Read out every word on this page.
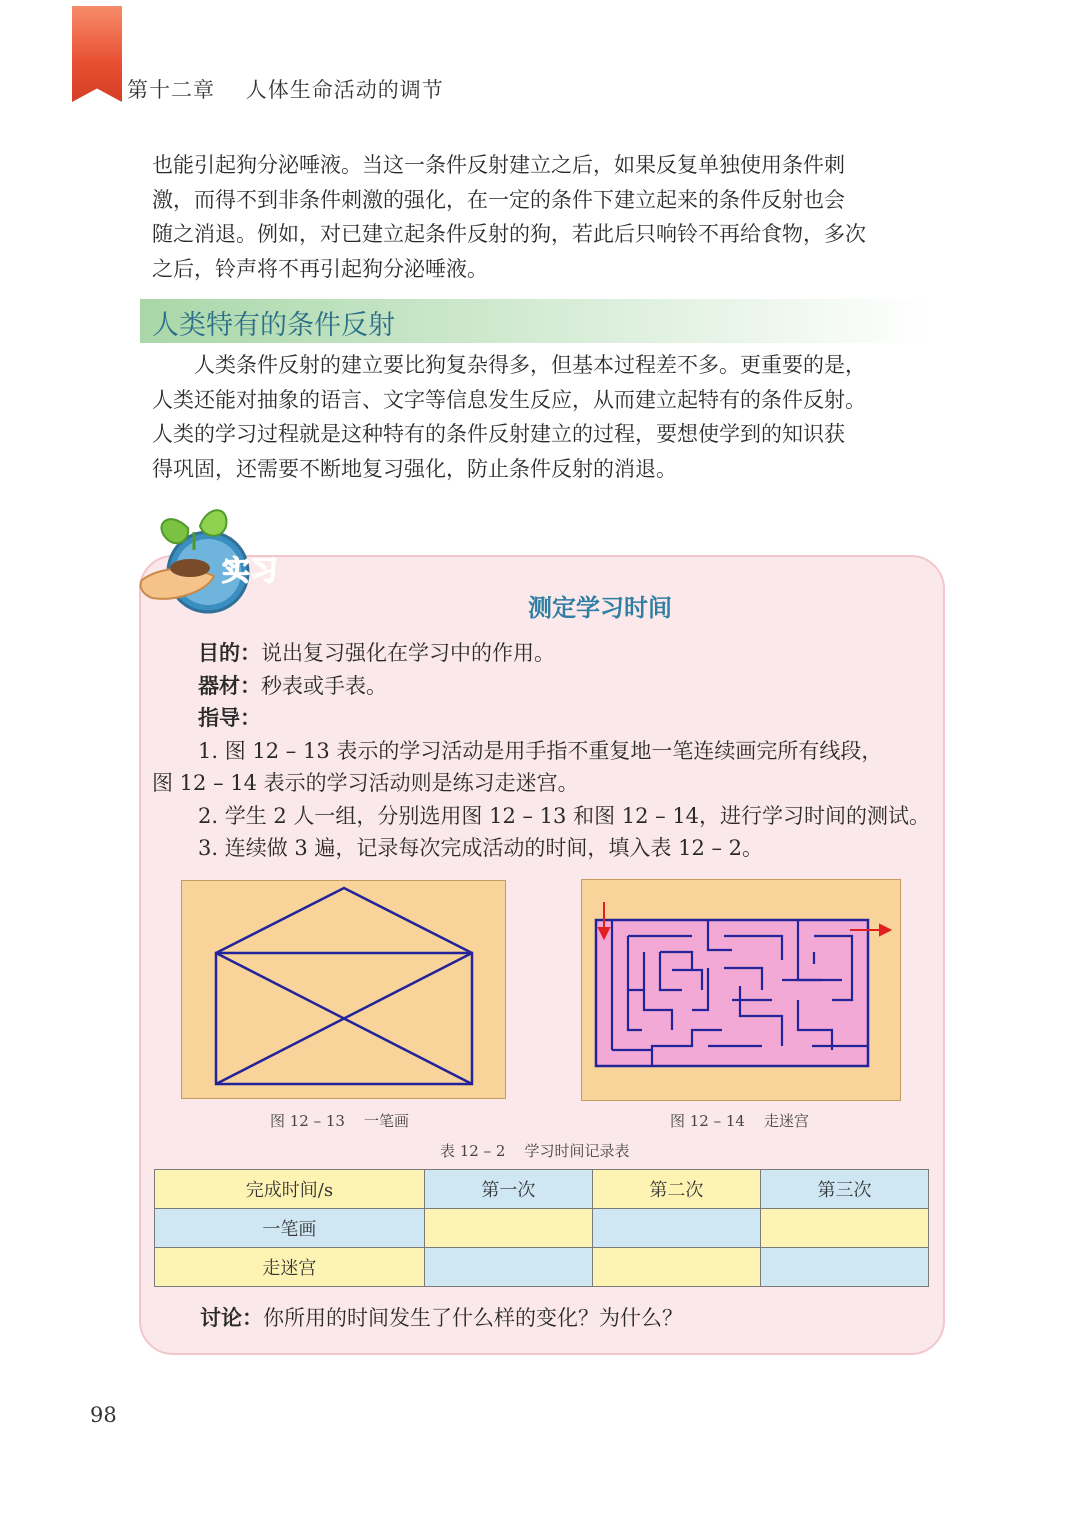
第十二章    人体生命活动的调节

也能引起狗分泌唾液。当这一条件反射建立之后，如果反复单独使用条件刺

激，而得不到非条件刺激的强化，在一定的条件下建立起来的条件反射也会

随之消退。例如，对已建立起条件反射的狗，若此后只响铃不再给食物，多次

之后，铃声将不再引起狗分泌唾液。

人类特有的条件反射

　　人类条件反射的建立要比狗复杂得多，但基本过程差不多。更重要的是，

人类还能对抽象的语言、文字等信息发生反应，从而建立起特有的条件反射。

人类的学习过程就是这种特有的条件反射建立的过程，要想使学到的知识获

得巩固，还需要不断地复习强化，防止条件反射的消退。

实习
测定学习时间
目的：说出复习强化在学习中的作用。
器材：秒表或手表。
指导：
1. 图 12 – 13 表示的学习活动是用手指不重复地一笔连续画完所有线段，
图 12 – 14 表示的学习活动则是练习走迷宫。
2. 学生 2 人一组，分别选用图 12 – 13 和图 12 – 14，进行学习时间的测试。
3. 连续做 3 遍，记录每次完成活动的时间，填入表 12 – 2。
图 12 – 13    一笔画	图 12 – 14    走迷宫
表 12 – 2    学习时间记录表
完成时间/s	第一次	第二次	第三次
一笔画			
走迷宫			
讨论：你所用的时间发生了什么样的变化？为什么？
98
